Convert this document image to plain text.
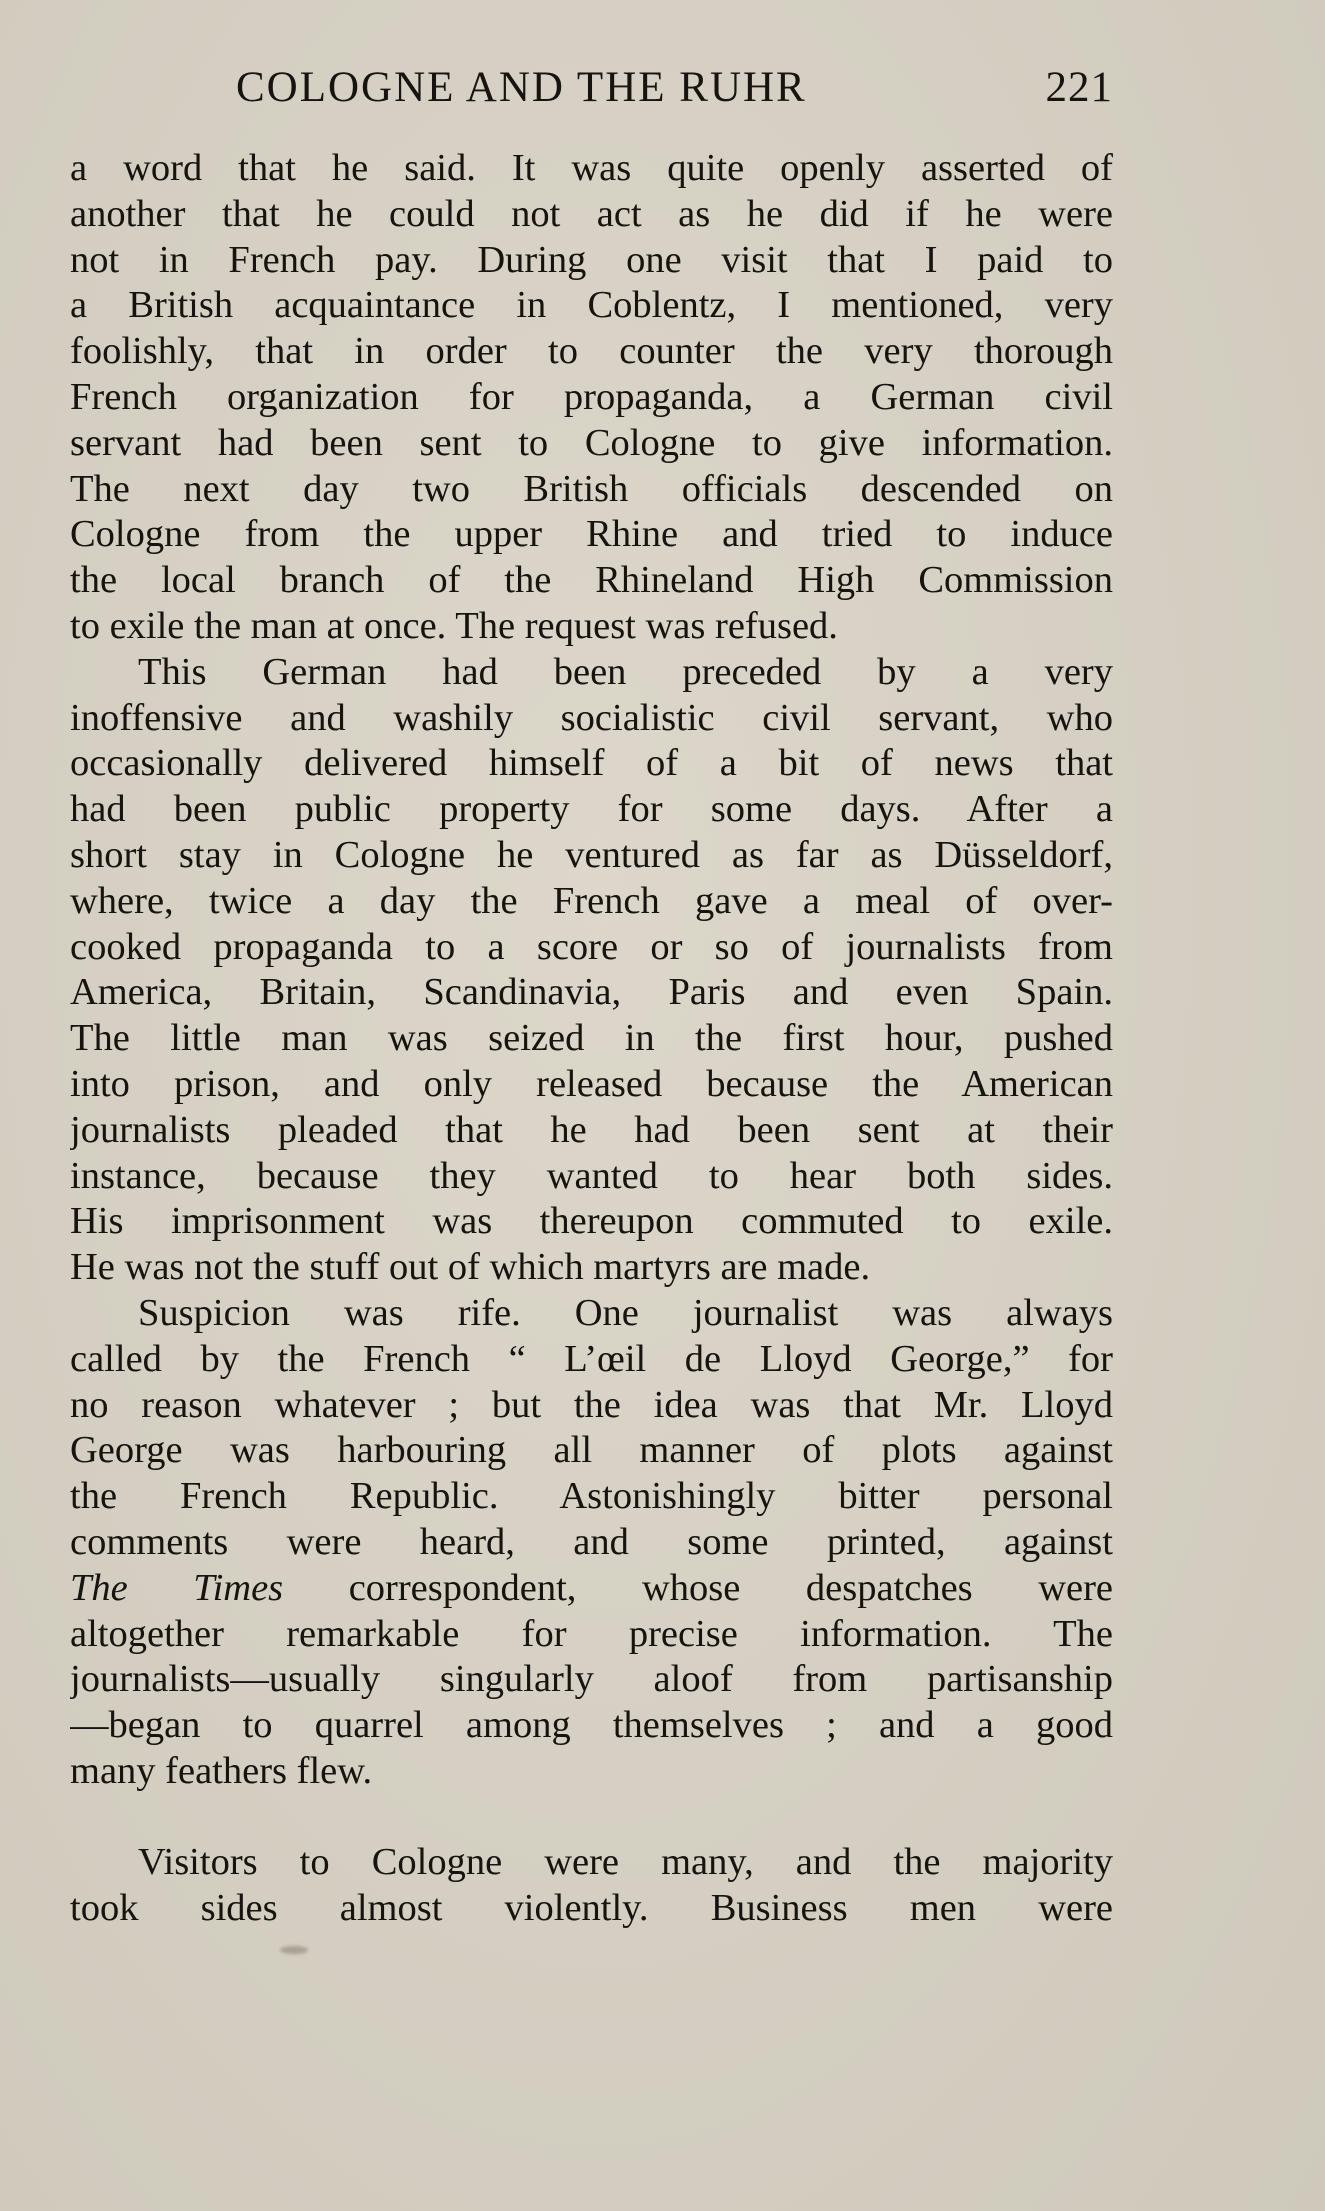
COLOGNE AND THE RUHR	221
a word that he said. It was quite openly asserted of
another that he could not act as he did if he were
not in French pay. During one visit that I paid to
a British acquaintance in Coblentz, I mentioned, very
foolishly, that in order to counter the very thorough
French organization for propaganda, a German civil
servant had been sent to Cologne to give information.
The next day two British officials descended on
Cologne from the upper Rhine and tried to induce
the local branch of the Rhineland High Commission
to exile the man at once. The request was refused.
This German had been preceded by a very
inoffensive and washily socialistic civil servant, who
occasionally delivered himself of a bit of news that
had been public property for some days. After a
short stay in Cologne he ventured as far as Düsseldorf,
where, twice a day the French gave a meal of over-
cooked propaganda to a score or so of journalists from
America, Britain, Scandinavia, Paris and even Spain.
The little man was seized in the first hour, pushed
into prison, and only released because the American
journalists pleaded that he had been sent at their
instance, because they wanted to hear both sides.
His imprisonment was thereupon commuted to exile.
He was not the stuff out of which martyrs are made.
Suspicion was rife. One journalist was always
called by the French “ L’œil de Lloyd George,” for
no reason whatever ; but the idea was that Mr. Lloyd
George was harbouring all manner of plots against
the French Republic. Astonishingly bitter personal
comments were heard, and some printed, against
The Times correspondent, whose despatches were
altogether remarkable for precise information. The
journalists—usually singularly aloof from partisanship
—began to quarrel among themselves ; and a good
many feathers flew.
Visitors to Cologne were many, and the majority
took sides almost violently. Business men were
